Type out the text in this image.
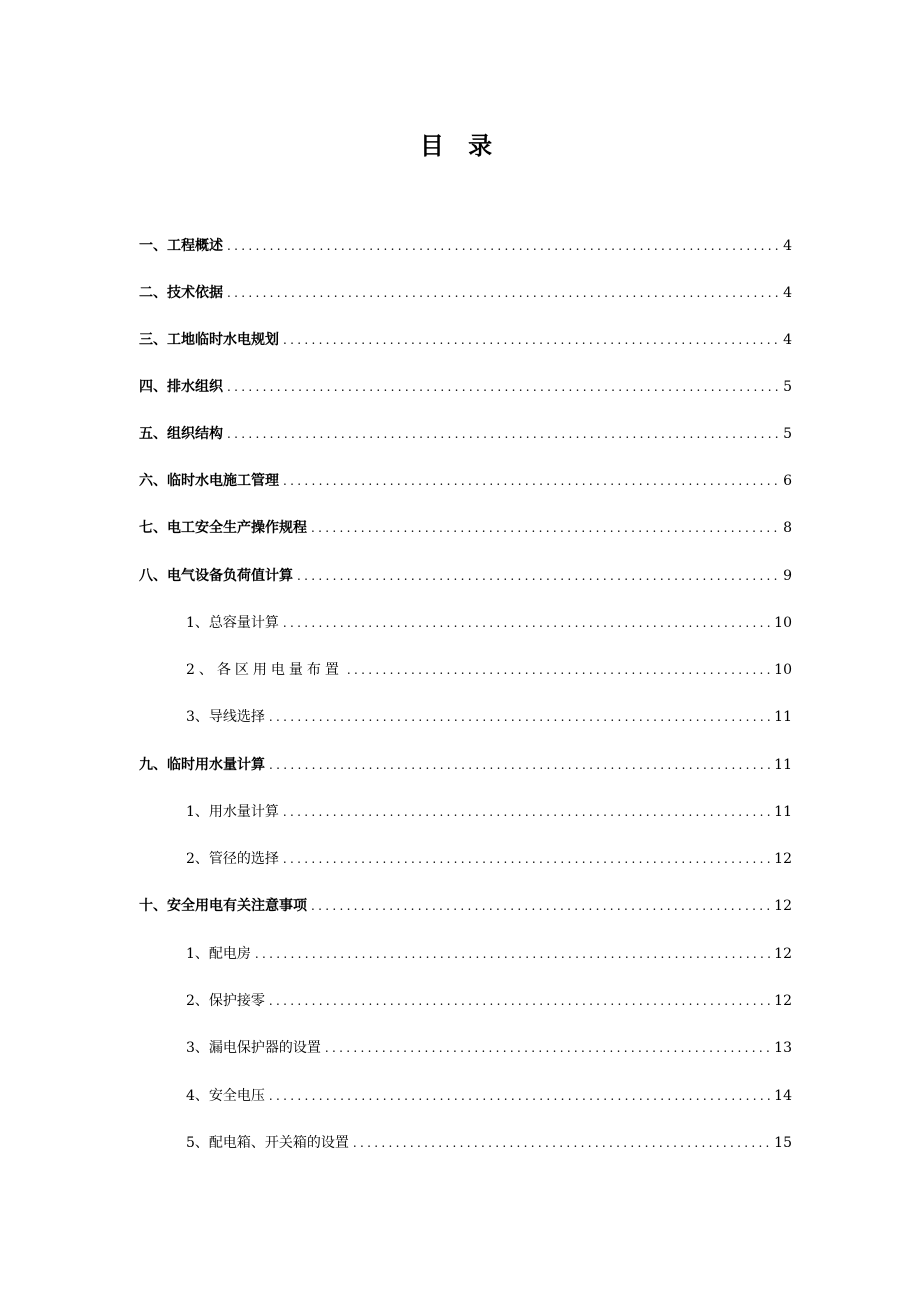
目 录
一、工程概述 .....	4
二、技术依据 .....	4
三、工地临时水电规划 .....	4
四、排水组织 .....	5
五、组织结构 .....	5
六、临时水电施工管理 .....	6
七、电工安全生产操作规程 .....	8
八、电气设备负荷值计算 .....	9
1、总容量计算 .....	10
2、各区用电量布置 .....	10
3、导线选择 .....	11
九、临时用水量计算 .....	11
1、用水量计算 .....	11
2、管径的选择 .....	12
十、安全用电有关注意事项 .....	12
1、配电房 .....	12
2、保护接零 .....	12
3、漏电保护器的设置 .....	13
4、安全电压 .....	14
5、配电箱、开关箱的设置 .....	15
